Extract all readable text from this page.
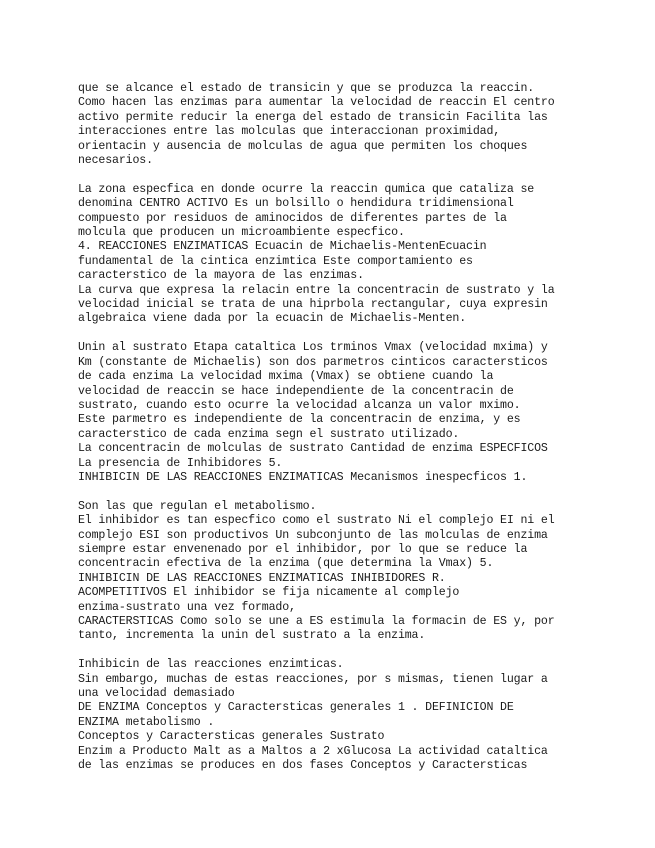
que se alcance el estado de transicin y que se produzca la reaccin.
Como hacen las enzimas para aumentar la velocidad de reaccin El centro
activo permite reducir la energa del estado de transicin Facilita las
interacciones entre las molculas que interaccionan proximidad,
orientacin y ausencia de molculas de agua que permiten los choques
necesarios.
La zona especfica en donde ocurre la reaccin qumica que cataliza se
denomina CENTRO ACTIVO Es un bolsillo o hendidura tridimensional
compuesto por residuos de aminocidos de diferentes partes de la
molcula que producen un microambiente especfico.
4. REACCIONES ENZIMATICAS Ecuacin de Michaelis-MentenEcuacin
fundamental de la cintica enzimtica Este comportamiento es
caracterstico de la mayora de las enzimas.
La curva que expresa la relacin entre la concentracin de sustrato y la
velocidad inicial se trata de una hiprbola rectangular, cuya expresin
algebraica viene dada por la ecuacin de Michaelis-Menten.
Unin al sustrato Etapa cataltica Los trminos Vmax (velocidad mxima) y
Km (constante de Michaelis) son dos parmetros cinticos caractersticos
de cada enzima La velocidad mxima (Vmax) se obtiene cuando la
velocidad de reaccin se hace independiente de la concentracin de
sustrato, cuando esto ocurre la velocidad alcanza un valor mximo.
Este parmetro es independiente de la concentracin de enzima, y es
caracterstico de cada enzima segn el sustrato utilizado.
La concentracin de molculas de sustrato Cantidad de enzima ESPECFICOS
La presencia de Inhibidores 5.
INHIBICIN DE LAS REACCIONES ENZIMATICAS Mecanismos inespecficos 1.
Son las que regulan el metabolismo.
El inhibidor es tan especfico como el sustrato Ni el complejo EI ni el
complejo ESI son productivos Un subconjunto de las molculas de enzima
siempre estar envenenado por el inhibidor, por lo que se reduce la
concentracin efectiva de la enzima (que determina la Vmax) 5.
INHIBICIN DE LAS REACCIONES ENZIMATICAS INHIBIDORES R.
ACOMPETITIVOS El inhibidor se fija nicamente al complejo
enzima-sustrato una vez formado,
CARACTERSTICAS Como solo se une a ES estimula la formacin de ES y, por
tanto, incrementa la unin del sustrato a la enzima.
Inhibicin de las reacciones enzimticas.
Sin embargo, muchas de estas reacciones, por s mismas, tienen lugar a
una velocidad demasiado
DE ENZIMA Conceptos y Caractersticas generales 1 . DEFINICION DE
ENZIMA metabolismo .
Conceptos y Caractersticas generales Sustrato
Enzim a Producto Malt as a Maltos a 2 xGlucosa La actividad cataltica
de las enzimas se produces en dos fases Conceptos y Caractersticas
